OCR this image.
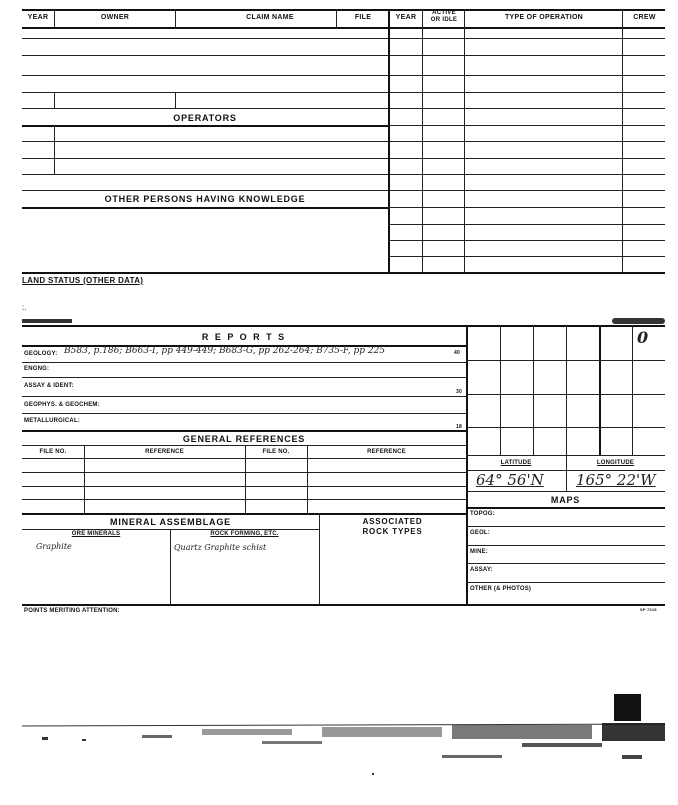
YEAR	OWNER	CLAIM NAME	FILE	YEAR
ACTIVE
OR IDLE	TYPE OF OPERATION	CREW
OPERATORS
OTHER PERSONS HAVING KNOWLEDGE
LAND STATUS (OTHER DATA)
:.
R E P O R T S
GEOLOGY: B583, p.186; B663-I, pp 449-449; B683-G, pp 262-264; B735-F, pp 225	40
ENGNG:
ASSAY & IDENT:
30
GEOPHYS. & GEOCHEM:
METALLURGICAL:
18
GENERAL REFERENCES
FILE NO.	REFERENCE	FILE NO.	REFERENCE
MINERAL ASSEMBLAGE
ORE MINERALS	ROCK FORMING, ETC.
Graphite	Quartz Graphite schist
ASSOCIATED
ROCK TYPES
0
LATITUDE	LONGITUDE
64° 56'N 165° 22'W
MAPS
TOPOG:
GEOL:
MINE:
ASSAY:
OTHER (& PHOTOS)
POINTS MERITING ATTENTION:	SP 7315
